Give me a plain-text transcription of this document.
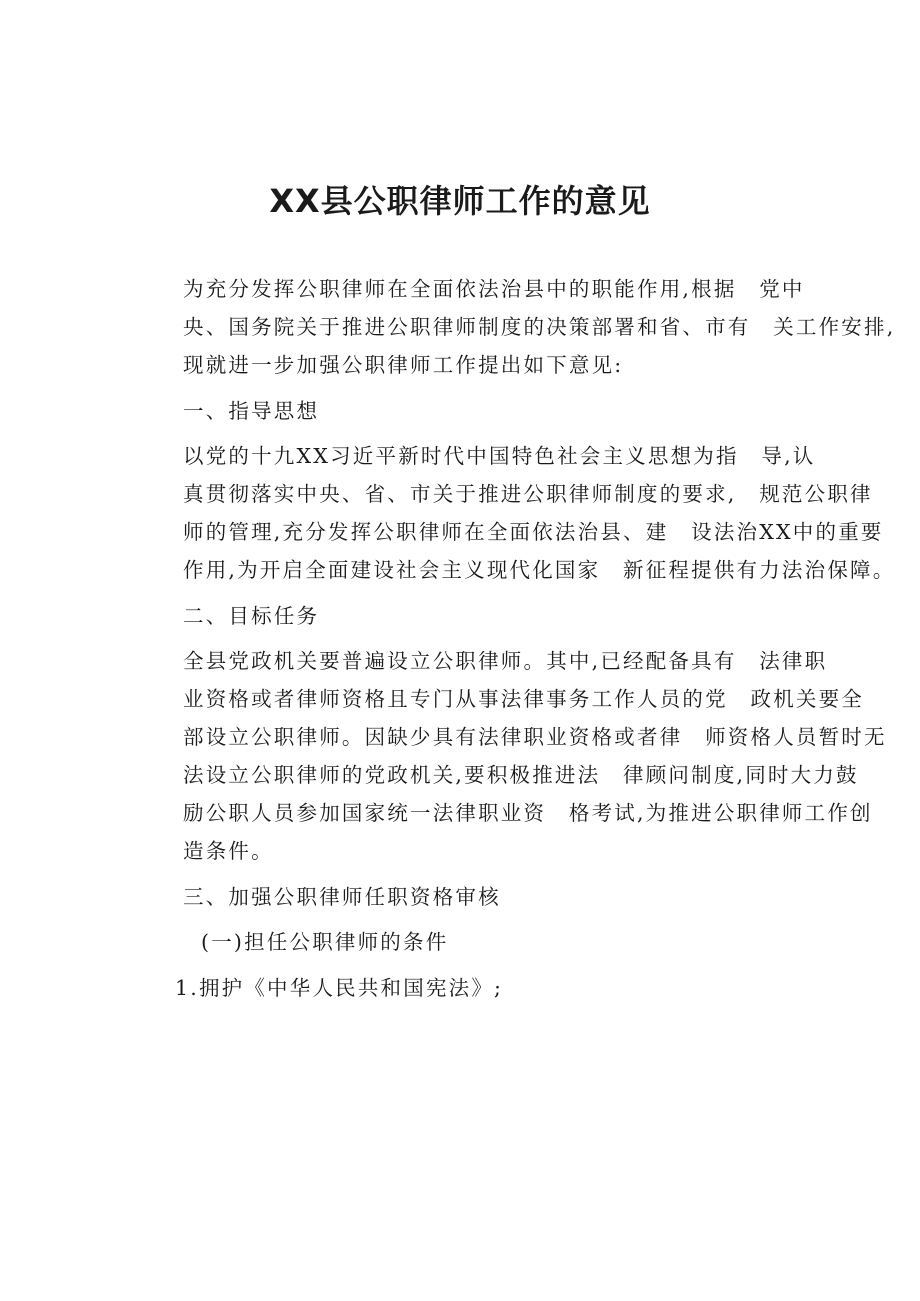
XX县公职律师工作的意见

为充分发挥公职律师在全面依法治县中的职能作用,根据　党中
央、国务院关于推进公职律师制度的决策部署和省、市有　关工作安排,
现就进一步加强公职律师工作提出如下意见:

一、指导思想

以党的十九XX习近平新时代中国特色社会主义思想为指　导,认
真贯彻落实中央、省、市关于推进公职律师制度的要求,　规范公职律
师的管理,充分发挥公职律师在全面依法治县、建　设法治XX中的重要
作用,为开启全面建设社会主义现代化国家　新征程提供有力法治保障。

二、目标任务

全县党政机关要普遍设立公职律师。其中,已经配备具有　法律职
业资格或者律师资格且专门从事法律事务工作人员的党　政机关要全
部设立公职律师。因缺少具有法律职业资格或者律　师资格人员暂时无
法设立公职律师的党政机关,要积极推进法　律顾问制度,同时大力鼓
励公职人员参加国家统一法律职业资　格考试,为推进公职律师工作创
造条件。

三、加强公职律师任职资格审核

(一)担任公职律师的条件

1.拥护《中华人民共和国宪法》;
